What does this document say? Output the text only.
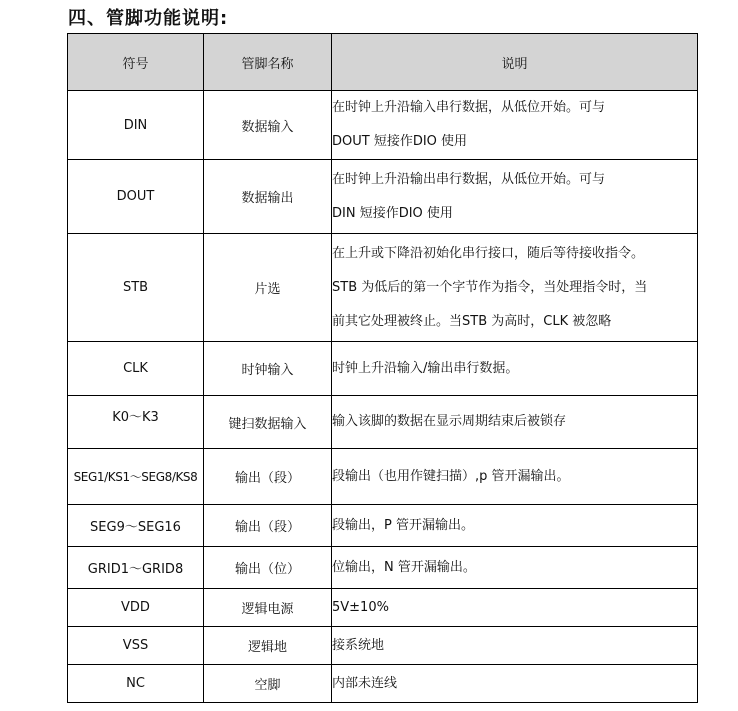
四、管脚功能说明:
符号	管脚名称	说明
DIN	数据输入	在时钟上升沿输入串行数据，从低位开始。可与
DOUT 短接作DIO 使用

DOUT	数据输出	在时钟上升沿输出串行数据，从低位开始。可与
DIN 短接作DIO 使用

STB	片选	在上升或下降沿初始化串行接口，随后等待接收指令。
STB 为低后的第一个字节作为指令，当处理指令时，当
前其它处理被终止。当STB 为高时，CLK 被忽略

CLK	时钟输入	时钟上升沿输入/输出串行数据。

K0～K3	键扫数据输入	输入该脚的数据在显示周期结束后被锁存

SEG1/KS1～SEG8/KS8	输出（段）	段输出（也用作键扫描）,p 管开漏输出。

SEG9～SEG16	输出（段）	段输出，P 管开漏输出。

GRID1～GRID8	输出（位）	位输出，N 管开漏输出。

VDD	逻辑电源	5V±10%

VSS	逻辑地	接系统地

NC	空脚	内部未连线
